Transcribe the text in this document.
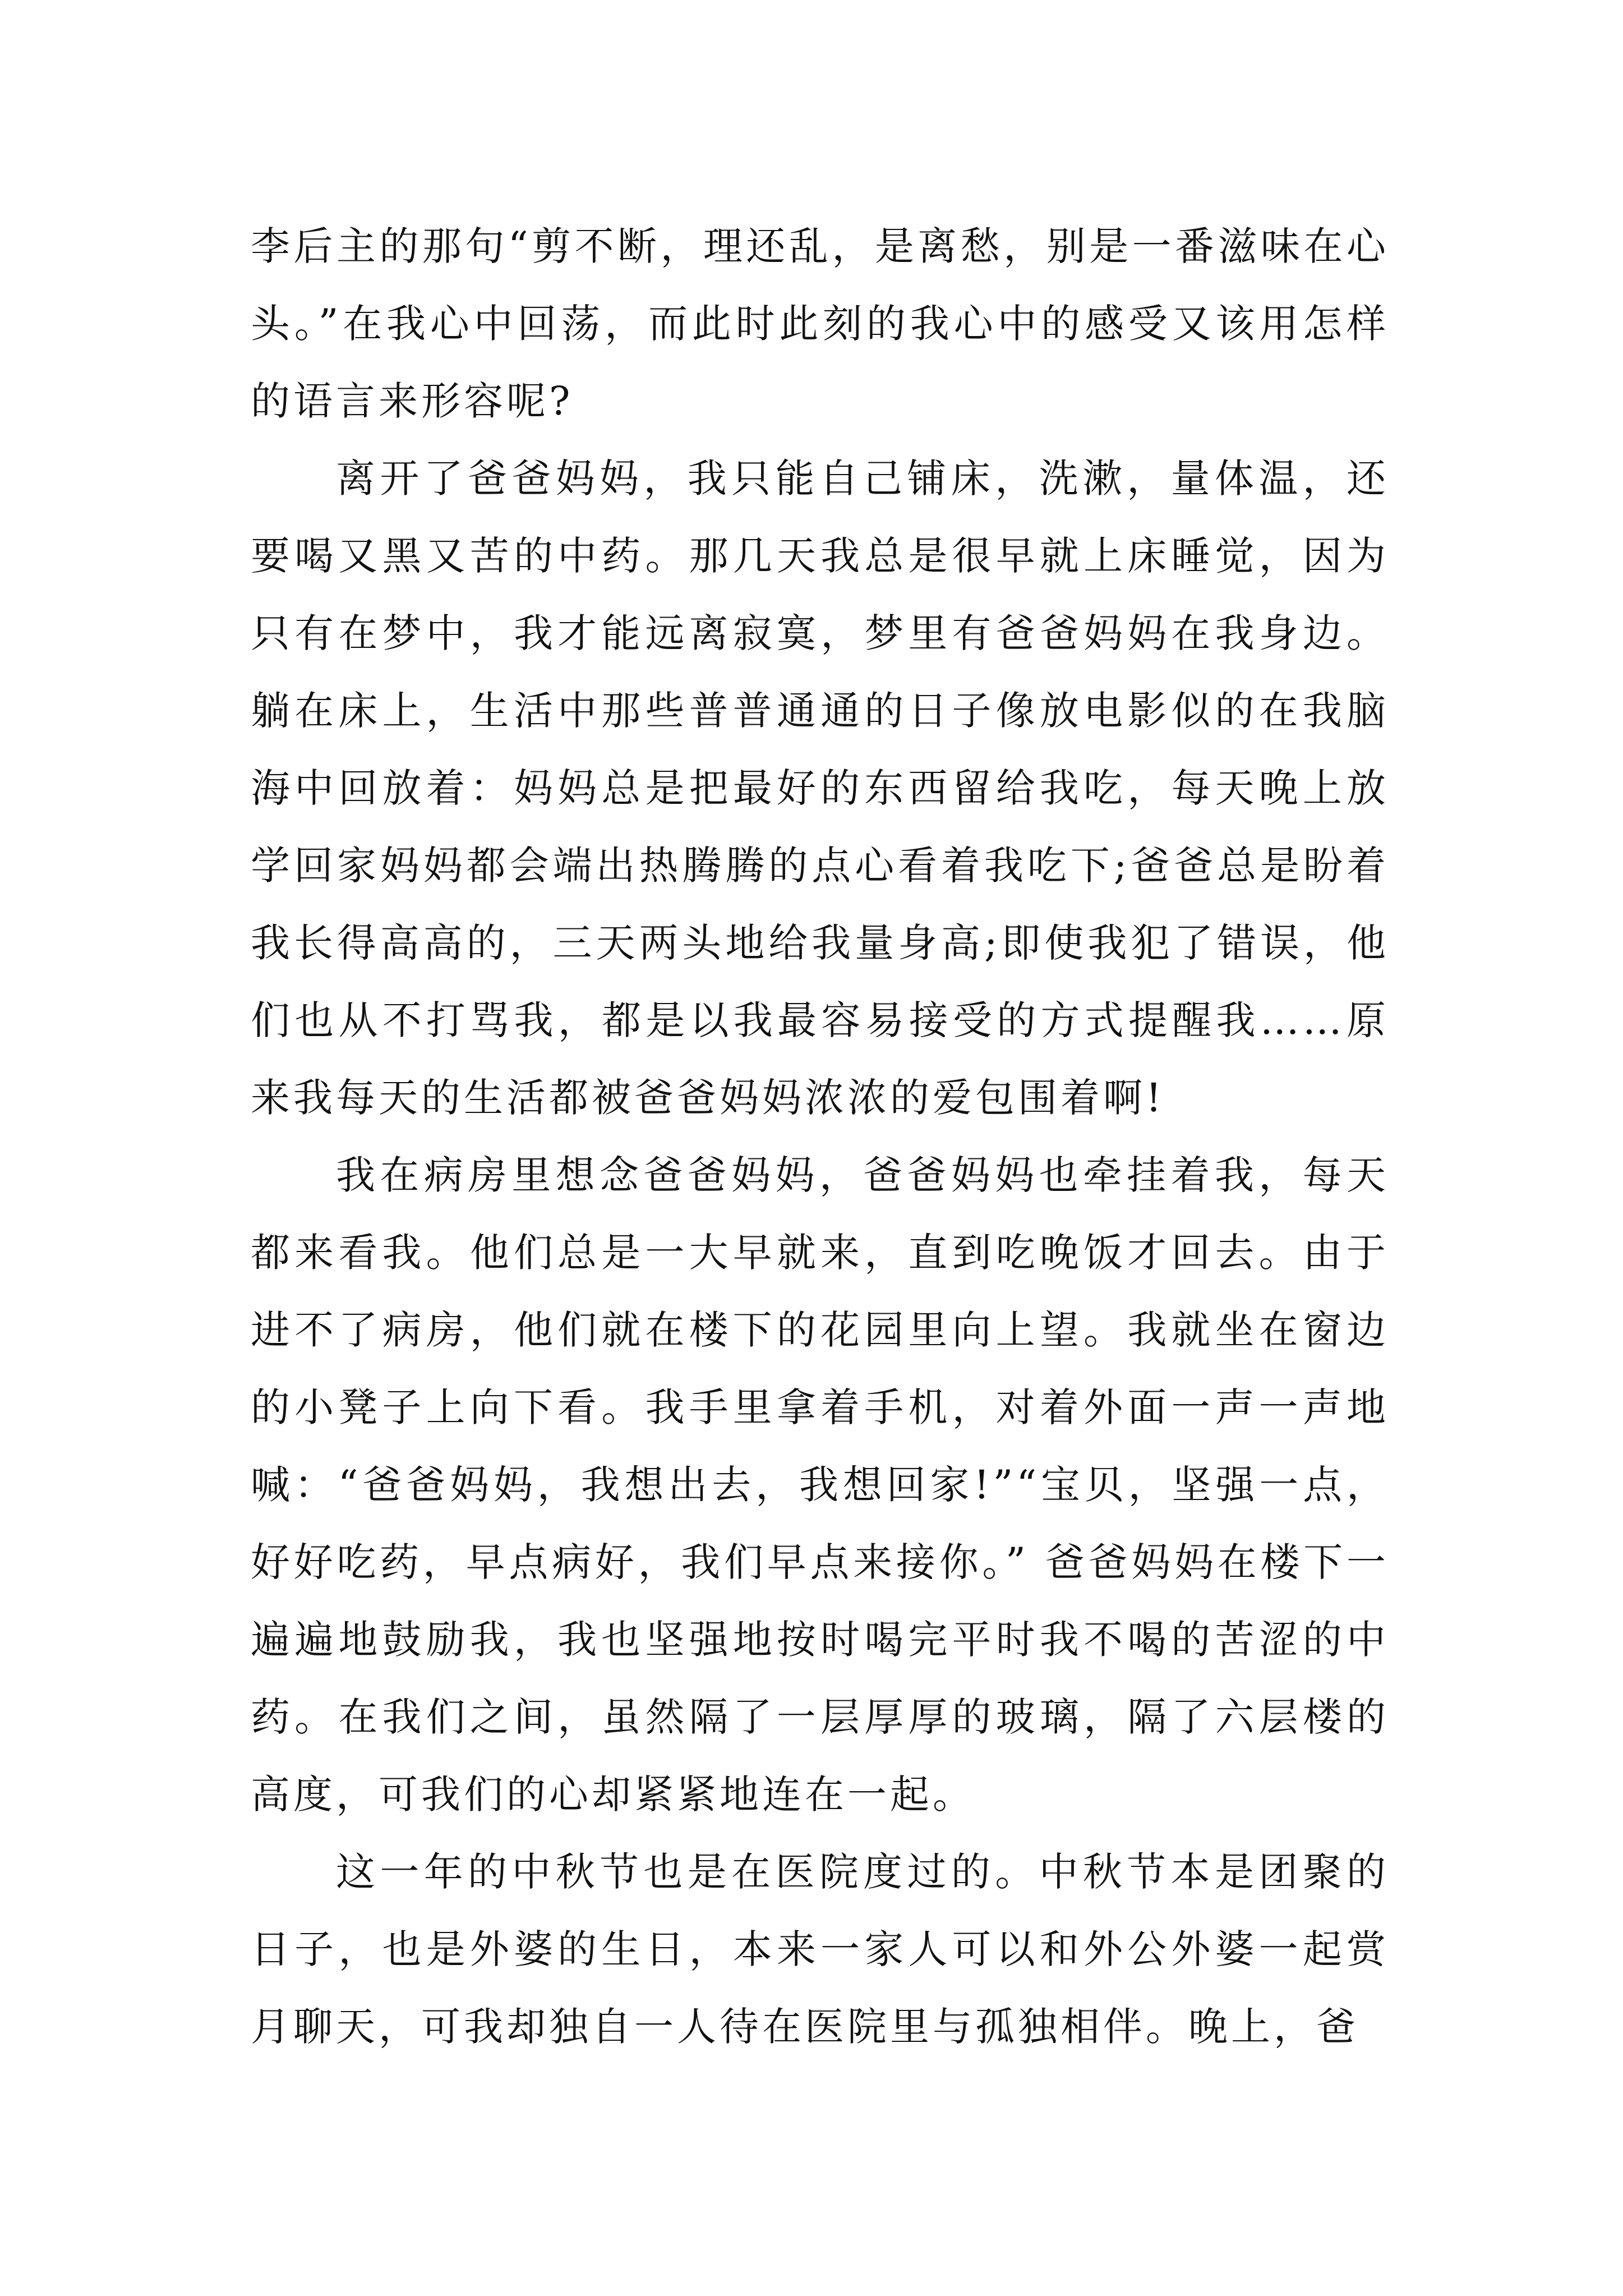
李后主的那句“剪不断，理还乱，是离愁，别是一番滋味在心头。”在我心中回荡，而此时此刻的我心中的感受又该用怎样的语言来形容呢?

离开了爸爸妈妈，我只能自己铺床，洗漱，量体温，还要喝又黑又苦的中药。那几天我总是很早就上床睡觉，因为只有在梦中，我才能远离寂寞，梦里有爸爸妈妈在我身边。躺在床上，生活中那些普普通通的日子像放电影似的在我脑海中回放着：妈妈总是把最好的东西留给我吃，每天晚上放学回家妈妈都会端出热腾腾的点心看着我吃下;爸爸总是盼着我长得高高的，三天两头地给我量身高;即使我犯了错误，他们也从不打骂我，都是以我最容易接受的方式提醒我……原来我每天的生活都被爸爸妈妈浓浓的爱包围着啊!

我在病房里想念爸爸妈妈，爸爸妈妈也牵挂着我，每天都来看我。他们总是一大早就来，直到吃晚饭才回去。由于进不了病房，他们就在楼下的花园里向上望。我就坐在窗边的小凳子上向下看。我手里拿着手机，对着外面一声一声地喊：“爸爸妈妈，我想出去，我想回家!”“宝贝，坚强一点，好好吃药，早点病好，我们早点来接你。” 爸爸妈妈在楼下一遍遍地鼓励我，我也坚强地按时喝完平时我不喝的苦涩的中药。在我们之间，虽然隔了一层厚厚的玻璃，隔了六层楼的高度，可我们的心却紧紧地连在一起。

这一年的中秋节也是在医院度过的。中秋节本是团聚的日子，也是外婆的生日，本来一家人可以和外公外婆一起赏月聊天，可我却独自一人待在医院里与孤独相伴。晚上，爸
